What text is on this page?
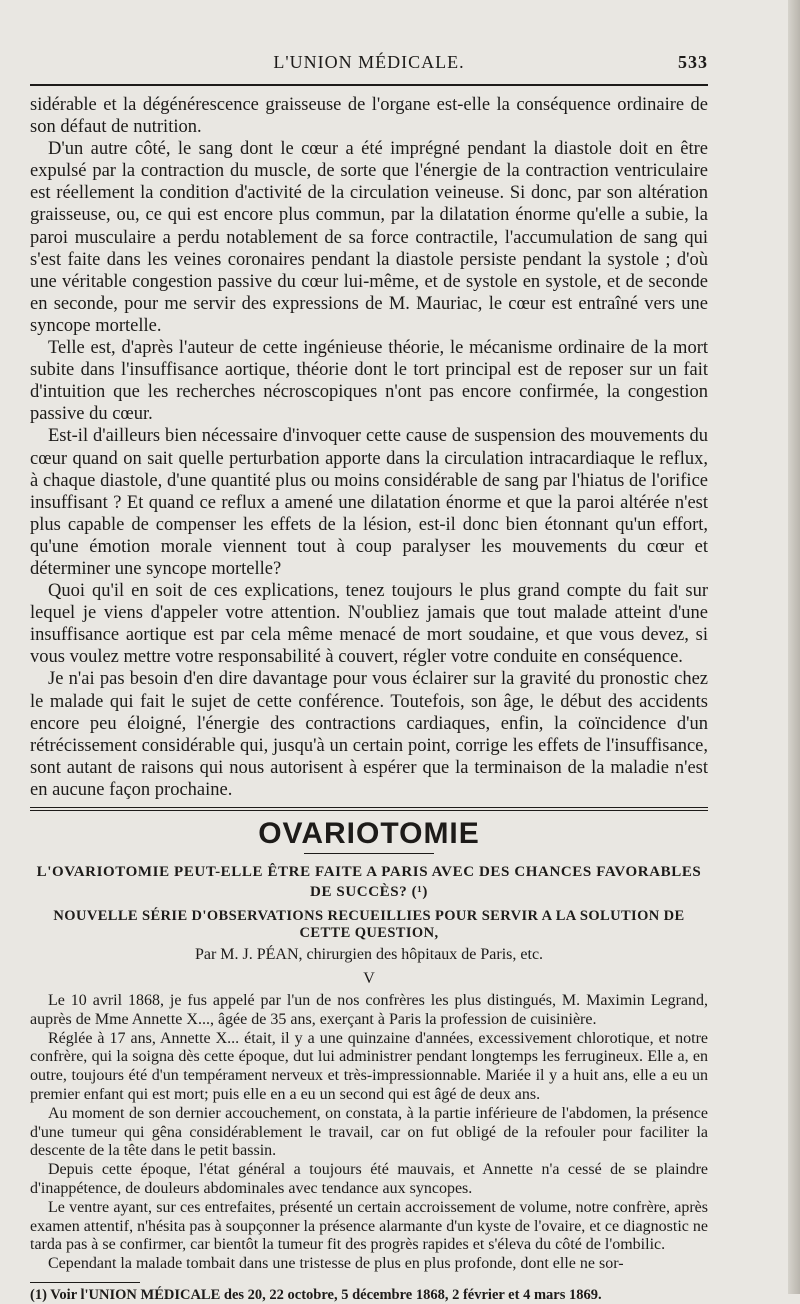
L'UNION MÉDICALE.	533

sidérable et la dégénérescence graisseuse de l'organe est-elle la conséquence ordinaire de son défaut de nutrition.

D'un autre côté, le sang dont le cœur a été imprégné pendant la diastole doit en être expulsé par la contraction du muscle, de sorte que l'énergie de la contraction ventriculaire est réellement la condition d'activité de la circulation veineuse. Si donc, par son altération graisseuse, ou, ce qui est encore plus commun, par la dilatation énorme qu'elle a subie, la paroi musculaire a perdu notablement de sa force contractile, l'accumulation de sang qui s'est faite dans les veines coronaires pendant la diastole persiste pendant la systole ; d'où une véritable congestion passive du cœur lui-même, et de systole en systole, et de seconde en seconde, pour me servir des expressions de M. Mauriac, le cœur est entraîné vers une syncope mortelle.

Telle est, d'après l'auteur de cette ingénieuse théorie, le mécanisme ordinaire de la mort subite dans l'insuffisance aortique, théorie dont le tort principal est de reposer sur un fait d'intuition que les recherches nécroscopiques n'ont pas encore confirmée, la congestion passive du cœur.

Est-il d'ailleurs bien nécessaire d'invoquer cette cause de suspension des mouvements du cœur quand on sait quelle perturbation apporte dans la circulation intracardiaque le reflux, à chaque diastole, d'une quantité plus ou moins considérable de sang par l'hiatus de l'orifice insuffisant ? Et quand ce reflux a amené une dilatation énorme et que la paroi altérée n'est plus capable de compenser les effets de la lésion, est-il donc bien étonnant qu'un effort, qu'une émotion morale viennent tout à coup paralyser les mouvements du cœur et déterminer une syncope mortelle?

Quoi qu'il en soit de ces explications, tenez toujours le plus grand compte du fait sur lequel je viens d'appeler votre attention. N'oubliez jamais que tout malade atteint d'une insuffisance aortique est par cela même menacé de mort soudaine, et que vous devez, si vous voulez mettre votre responsabilité à couvert, régler votre conduite en conséquence.

Je n'ai pas besoin d'en dire davantage pour vous éclairer sur la gravité du pronostic chez le malade qui fait le sujet de cette conférence. Toutefois, son âge, le début des accidents encore peu éloigné, l'énergie des contractions cardiaques, enfin, la coïncidence d'un rétrécissement considérable qui, jusqu'à un certain point, corrige les effets de l'insuffisance, sont autant de raisons qui nous autorisent à espérer que la terminaison de la maladie n'est en aucune façon prochaine.

OVARIOTOMIE

L'OVARIOTOMIE PEUT-ELLE ÊTRE FAITE A PARIS AVEC DES CHANCES FAVORABLES DE SUCCÈS? (¹)

NOUVELLE SÉRIE D'OBSERVATIONS RECUEILLIES POUR SERVIR A LA SOLUTION DE CETTE QUESTION,

Par M. J. PÉAN, chirurgien des hôpitaux de Paris, etc.

V

Le 10 avril 1868, je fus appelé par l'un de nos confrères les plus distingués, M. Maximin Legrand, auprès de Mme Annette X..., âgée de 35 ans, exerçant à Paris la profession de cuisinière.

Réglée à 17 ans, Annette X... était, il y a une quinzaine d'années, excessivement chlorotique, et notre confrère, qui la soigna dès cette époque, dut lui administrer pendant longtemps les ferrugineux. Elle a, en outre, toujours été d'un tempérament nerveux et très-impressionnable. Mariée il y a huit ans, elle a eu un premier enfant qui est mort; puis elle en a eu un second qui est âgé de deux ans.

Au moment de son dernier accouchement, on constata, à la partie inférieure de l'abdomen, la présence d'une tumeur qui gêna considérablement le travail, car on fut obligé de la refouler pour faciliter la descente de la tête dans le petit bassin.

Depuis cette époque, l'état général a toujours été mauvais, et Annette n'a cessé de se plaindre d'inappétence, de douleurs abdominales avec tendance aux syncopes.

Le ventre ayant, sur ces entrefaites, présenté un certain accroissement de volume, notre confrère, après examen attentif, n'hésita pas à soupçonner la présence alarmante d'un kyste de l'ovaire, et ce diagnostic ne tarda pas à se confirmer, car bientôt la tumeur fit des progrès rapides et s'éleva du côté de l'ombilic.

Cependant la malade tombait dans une tristesse de plus en plus profonde, dont elle ne sor-

(1) Voir l'UNION MÉDICALE des 20, 22 octobre, 5 décembre 1868, 2 février et 4 mars 1869.
